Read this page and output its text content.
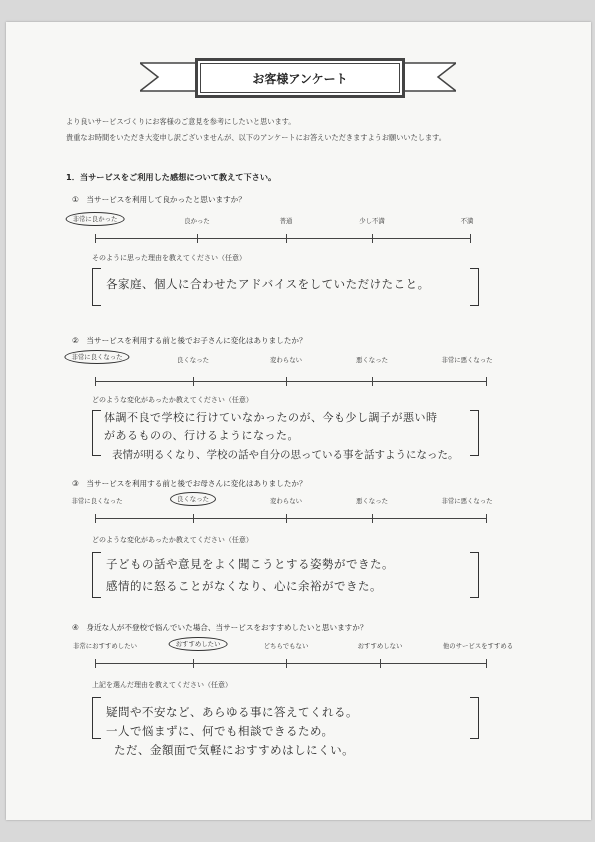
お客様アンケート
より良いサービスづくりにお客様のご意見を参考にしたいと思います。
貴重なお時間をいただき大変申し訳ございませんが、以下のアンケートにお答えいただきますようお願いいたします。
1．当サービスをご利用した感想について教えて下さい。
①　当サービスを利用して良かったと思いますか？
非常に良かった	良かった	普通	少し不満	不満
そのように思った理由を教えてください（任意）
各家庭、個人に合わせたアドバイスをしていただけたこと。
②　当サービスを利用する前と後でお子さんに変化はありましたか？
非常に良くなった	良くなった	変わらない	悪くなった	非常に悪くなった
どのような変化があったか教えてください（任意）
体調不良で学校に行けていなかったのが、今も少し調子が悪い時
があるものの、行けるようになった。
表情が明るくなり、学校の話や自分の思っている事を話すようになった。
③　当サービスを利用する前と後でお母さんに変化はありましたか？
非常に良くなった	良くなった	変わらない	悪くなった	非常に悪くなった
どのような変化があったか教えてください（任意）
子どもの話や意見をよく聞こうとする姿勢ができた。
感情的に怒ることがなくなり、心に余裕ができた。
④　身近な人が不登校で悩んでいた場合、当サービスをおすすめしたいと思いますか？
非常におすすめしたい	おすすめしたい	どちらでもない	おすすめしない	他のサービスをすすめる
上記を選んだ理由を教えてください（任意）
疑問や不安など、あらゆる事に答えてくれる。
一人で悩まずに、何でも相談できるため。
ただ、金額面で気軽におすすめはしにくい。
